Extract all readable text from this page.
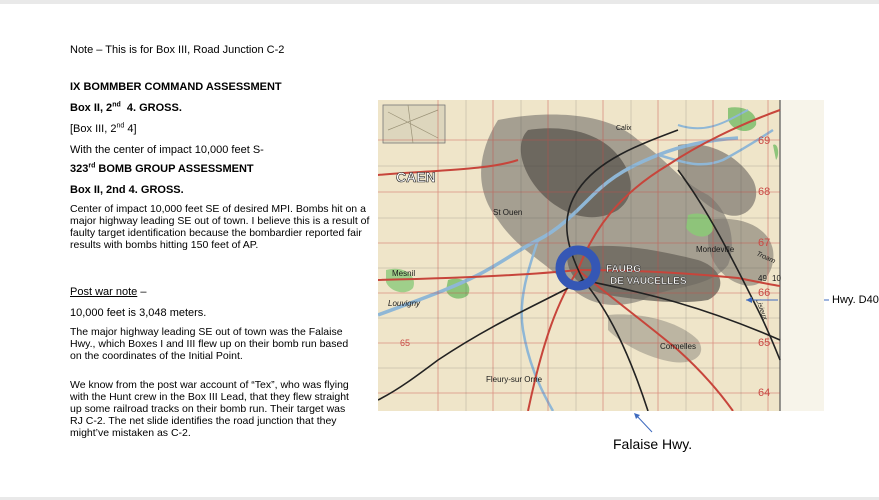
Note – This is for Box III, Road Junction C-2
IX BOMMBER COMMAND ASSESSMENT
Box II, 2nd  4. GROSS.
[Box III, 2nd 4]
With the center of impact 10,000 feet S-
323rd BOMB GROUP ASSESSMENT
Box II, 2nd 4. GROSS.
Center of impact 10,000 feet SE of desired MPI. Bombs hit on a major highway leading SE out of town. I believe this is a result of faulty target identification because the bombardier reported fair results with bombs hitting 150 feet of AP.
Post war note –
10,000 feet is 3,048 meters.
The major highway leading SE out of town was the Falaise Hwy., which Boxes I and III flew up on their bomb run based on the coordinates of the Initial Point.
We know from the post war account of “Tex”, who was flying with the Hunt crew in the Box III Lead, that they flew straight up some railroad tracks on their bomb run. Their target was RJ C-2. The net slide identifies the road junction that they might’ve mistaken as C-2.
CAEN
St Ouen
FAUBG
DE VAUCELLES
Mondeville
Mesnil
Louvigny
Cormelles
Fleury-sur Orne
Calix
Troarn
Lisieux
69
68
67
66
65
64
65
49 10
Hwy. D40
Falaise Hwy.
